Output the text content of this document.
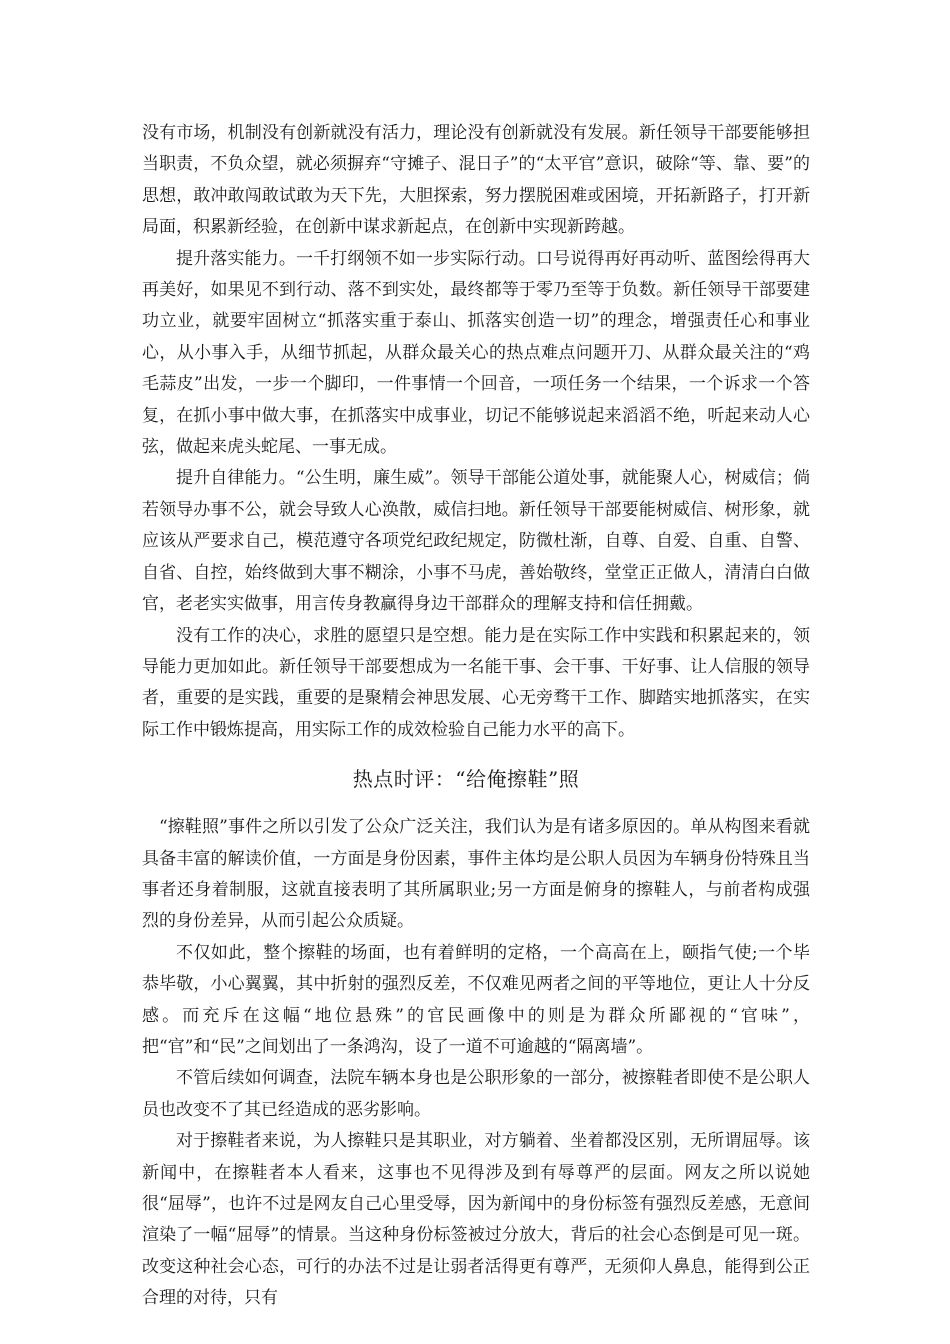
没有市场，机制没有创新就没有活力，理论没有创新就没有发展。新任领导干部要能够担当职责，不负众望，就必须摒弃“守摊子、混日子”的“太平官”意识，破除“等、靠、要”的思想，敢冲敢闯敢试敢为天下先，大胆探索，努力摆脱困难或困境，开拓新路子，打开新局面，积累新经验，在创新中谋求新起点，在创新中实现新跨越。

提升落实能力。一千打纲领不如一步实际行动。口号说得再好再动听、蓝图绘得再大再美好，如果见不到行动、落不到实处，最终都等于零乃至等于负数。新任领导干部要建功立业，就要牢固树立“抓落实重于泰山、抓落实创造一切”的理念，增强责任心和事业心，从小事入手，从细节抓起，从群众最关心的热点难点问题开刀、从群众最关注的“鸡毛蒜皮”出发，一步一个脚印，一件事情一个回音，一项任务一个结果，一个诉求一个答复，在抓小事中做大事，在抓落实中成事业，切记不能够说起来滔滔不绝，听起来动人心弦，做起来虎头蛇尾、一事无成。

提升自律能力。“公生明，廉生威”。领导干部能公道处事，就能聚人心，树威信；倘若领导办事不公，就会导致人心涣散，威信扫地。新任领导干部要能树威信、树形象，就应该从严要求自己，模范遵守各项党纪政纪规定，防微杜渐，自尊、自爱、自重、自警、自省、自控，始终做到大事不糊涂，小事不马虎，善始敬终，堂堂正正做人，清清白白做官，老老实实做事，用言传身教赢得身边干部群众的理解支持和信任拥戴。

没有工作的决心，求胜的愿望只是空想。能力是在实际工作中实践和积累起来的，领导能力更加如此。新任领导干部要想成为一名能干事、会干事、干好事、让人信服的领导者，重要的是实践，重要的是聚精会神思发展、心无旁骛干工作、脚踏实地抓落实，在实际工作中锻炼提高，用实际工作的成效检验自己能力水平的高下。

热点时评：“给俺擦鞋”照

“擦鞋照”事件之所以引发了公众广泛关注，我们认为是有诸多原因的。单从构图来看就具备丰富的解读价值，一方面是身份因素，事件主体均是公职人员因为车辆身份特殊且当事者还身着制服，这就直接表明了其所属职业;另一方面是俯身的擦鞋人，与前者构成强烈的身份差异，从而引起公众质疑。

不仅如此，整个擦鞋的场面，也有着鲜明的定格，一个高高在上，颐指气使;一个毕恭毕敬，小心翼翼，其中折射的强烈反差，不仅难见两者之间的平等地位，更让人十分反感。而充斥在这幅“地位悬殊”的官民画像中的则是为群众所鄙视的“官味”，把“官”和“民”之间划出了一条鸿沟，设了一道不可逾越的“隔离墙”。

不管后续如何调查，法院车辆本身也是公职形象的一部分，被擦鞋者即使不是公职人员也改变不了其已经造成的恶劣影响。

对于擦鞋者来说，为人擦鞋只是其职业，对方躺着、坐着都没区别，无所谓屈辱。该新闻中，在擦鞋者本人看来，这事也不见得涉及到有辱尊严的层面。网友之所以说她很“屈辱”，也许不过是网友自己心里受辱，因为新闻中的身份标签有强烈反差感，无意间渲染了一幅“屈辱”的情景。当这种身份标签被过分放大，背后的社会心态倒是可见一斑。改变这种社会心态，可行的办法不过是让弱者活得更有尊严，无须仰人鼻息，能得到公正合理的对待，只有
